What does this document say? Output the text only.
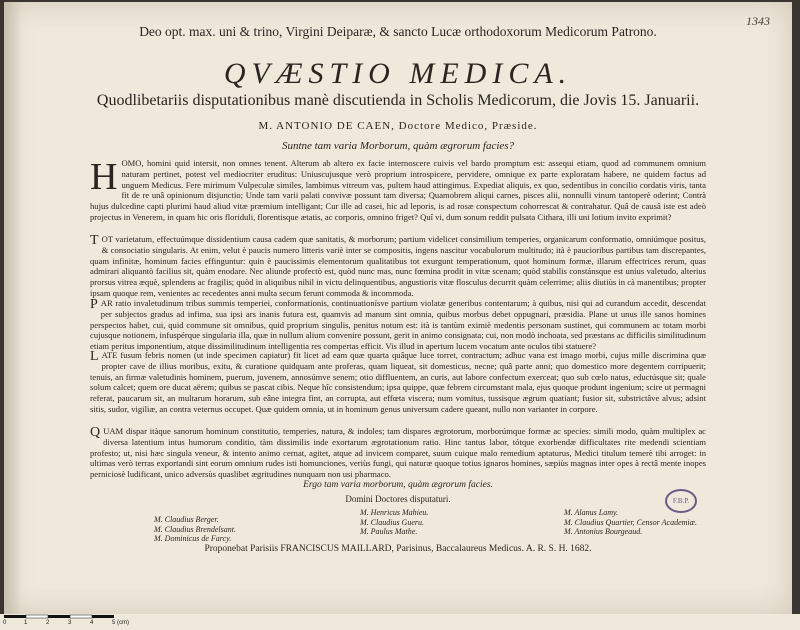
1343
Deo opt. max. uni & trino, Virgini Deiparæ, & sancto Lucæ orthodoxorum Medicorum Patrono.
QVÆSTIO MEDICA.
Quodlibetariis disputationibus manè discutienda in Scholis Medicorum, die Jovis 15. Januarii.
M. ANTONIO DE CAEN, Doctore Medico, Præside.
Suntne tam varia Morborum, quàm ægrorum facies?
HOMO, homini quid intersit, non omnes tenent. Alterum ab altero ex facie internoscere cuivis vel bardo promptum est: assequi etiam, quod ad communem omnium naturam pertinet, potest vel mediocriter eruditus: Uniuscujusque verò proprium introspicere, pervidere, omnique ex parte exploratam habere, ne quidem factus ad unguem Medicus. Fere mirimum Vulpeculæ similes, lambimus vitreum vas, pultem haud attingimus. Expediat aliquis, ex quo, sedentibus in concilio cordatis viris, tanta fit de re unâ opinionum disjunctio; Unde tam varii palati convivæ possunt tam diversa; Quamobrem aliqui carnes, pisces alii, nonnulli vinum tantoperè oderint; Contrà hujus dulcedine capti plurimi haud aliud vitæ præmium intelligant; Cur ille ad casei, hic ad leporis, is ad rosæ conspectum cohorrescat & contrahatur. Quâ de causâ iste est adeò projectus in Venerem, in quam hic oris floriduli, florentisque ætatis, ac corporis, omnino friget? Quî vi, dum sonum reddit pulsata Cithara, illi uni lotium invito exprimit?
TOT varietatum, effectuúmque dissidentium causa cadem quæ sanitatis, & morborum; partium videlicet consimilium temperies, organicarum conformatio, omniúmque positus, & consociatio singularis. At enim, velut è paucis numero litteris variè inter se compositis, ingens nascitur vocabulorum multitudo; ità è paucioribus partibus tam discrepantes, quam infinitæ, hominum facies effinguntur: quin è paucissimis elementorum qualitatibus tot exurgunt temperationum, quot hominum formæ, illarum effectrices rerum, quas admirari aliquantò facilius sit, quàm enodare. Nec aliunde profectò est, quòd nunc mas, nunc fœmina prodit in vitæ scenam; quòd stabilis constánsque est unius valetudo, alterius prorsus vitrea æquè, splendens ac fragilis; quòd in aliquibus nihil in victu delinquentibus, angustioris vitæ flosculus decurrit quàm celerrime; aliis diutiùs in cà manentibus; propter ipsam quoque rem, venientes ac recedentes anni multa secum ferunt commoda & incommoda.
PAR ratio invaletudinum tribus summis temperiei, conformationis, continuationísve partium violatæ generibus contentarum; à quibus, nisi qui ad curandum accedit, descendat per subjectos gradus ad infima, sua ipsi ars inanis futura est, quamvis ad manum sint omnia, quibus morbus debet oppugnari, præsidia. Plane ut unus ille sanos homines perspectos habet, cui, quid commune sit omnibus, quid proprium singulis, penitus notum est: ità is tantùm eximiè medentis personam sustinet, qui communem ac totam morbi cujusque notionem, infuspérque singularia illa, quæ in nullum alium convenire possunt, gerit in animo consignata; cui, non modò inchoata, sed præstans ac difficilis similitudinum etiam peritus imponentium, atque dissimilitudinum intelligentia res compertas efficit. Vis illud in apertum lucem vocatum ante oculos tibi statuere?
LATE fusum febris nomen (ut inde specimen capiatur) fit licet ad eam quæ quarta quâque luce torret, contractum; adhuc vana est imago morbi, cujus mille discrimina quæ propter cave de illius moribus, exitu, & curatione quidquam ante proferas, quam liqueat, sit domesticus, necne; quâ parte anni; quo domestico more degentem corripuerit; tenuis, an firmæ valetudinis hominem, puerum, juvenem, annosúmve senem; otio diffluentem, an curis, aut labore confectum exerceat; quo sub cœlo natus, eductúsque sit; quale solum calcet; quem ore ducat aërem; quibus se pascat cibis. Neque hîc consistendum; ipsa quippe, quæ febrem circumstant mala, ejus quoque produnt ingenium; scire ut permagni referat, paucarum sit, an multarum horarum, sub eâne integra fint, an corrupta, aut effœta viscera; num vomitus, tussisque ægrum quatiant; fusior sit, substrictâve alvus; adsint sitis, sudor, vigiliæ, an contra veternus occupet. Quæ quidem omnia, ut in hominum genus universum cadere queant, nullo non varianter in corpore.
QUAM dispar itàque sanorum hominum constitutio, temperies, natura, & indoles; tam dispares ægrotorum, morborúmque formæ ac species: simili modo, quàm multiplex ac diversa latentium intus humorum conditio, tàm dissimilis inde exortarum ægrotationum ratio. Hinc tantus labor, tótque exorbendæ difficultates rite medendi scientiam profesto; ut, nisi hæc singula veneur, & intento animo cernat, agitet, atque ad invicem comparet, suum cuique malo remedium aptaturus, Medici titulum temerè tibi arroget: in ultimas verò terras exportandi sint eorum omnium rudes isti homunciones, veriùs fungi, qui naturæ quoque totius ignaros homines, sæpiùs magnas inter opes à rectâ mente inopes perniciosè ludificant, unico adversùs quaslibet ægritudines nunquam non usi pharmaco.
Ergo tam varia morborum, quàm ægrorum facies.
Domini Doctores disputaturi.
M. Claudius Berger.
M. Claudius Brendelsant.
M. Dominicus de Farcy.
M. Henricus Mahieu.
M. Claudius Gueru.
M. Paulus Mathe.
M. Alanus Lamy.
M. Claudius Quartier, Censor Academiæ.
M. Antonius Bourgeaud.
F.B.P.
Proponebat Parisiis FRANCISCUS MAILLARD, Parisinus, Baccalaureus Medicus. A. R. S. H. 1682.
0	1	2	3	4	5 (cm)
